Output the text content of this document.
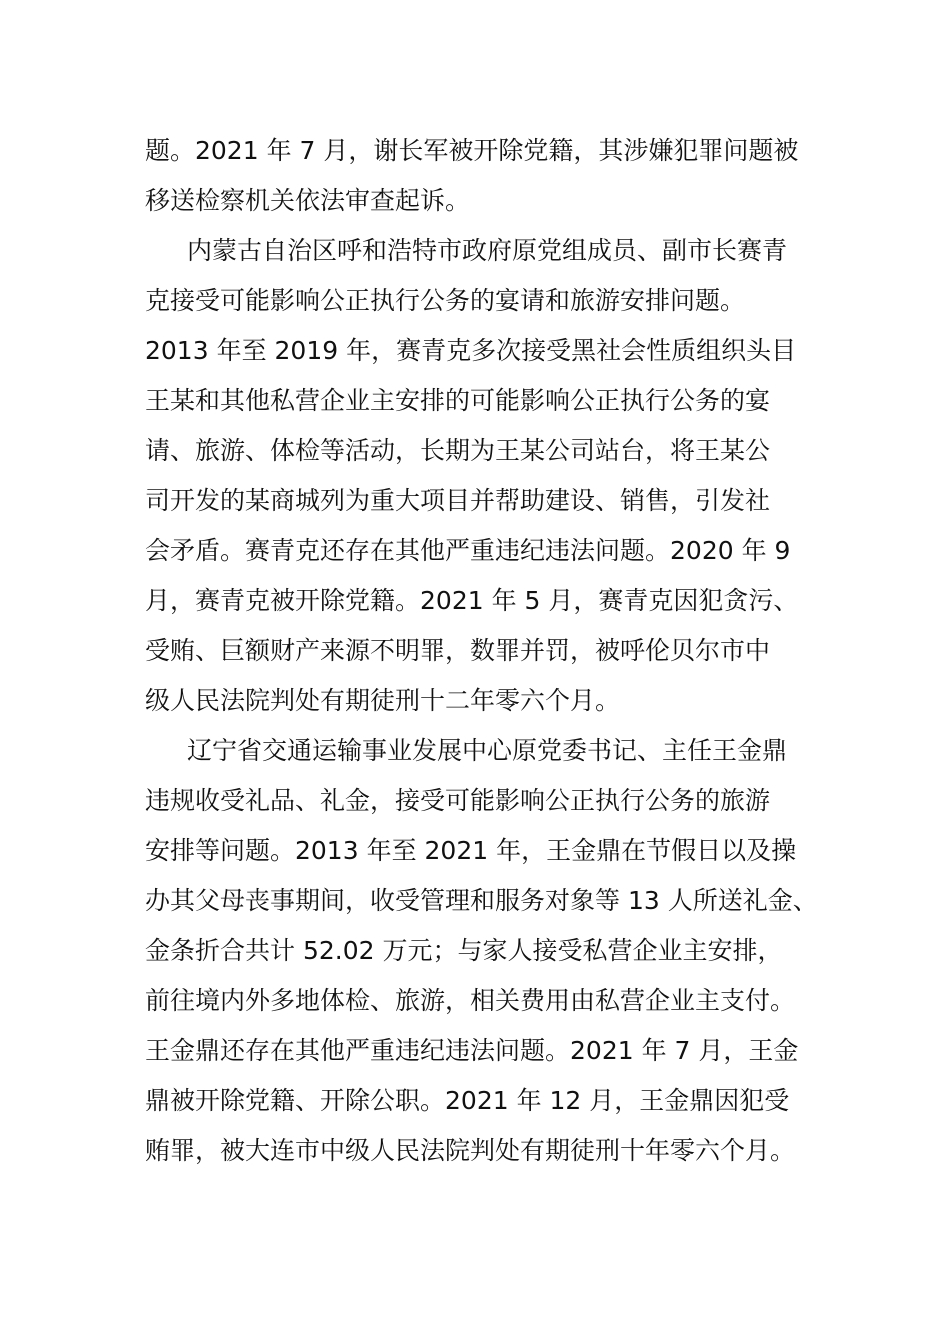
题。2021 年 7 月，谢长军被开除党籍，其涉嫌犯罪问题被
移送检察机关依法审查起诉。
内蒙古自治区呼和浩特市政府原党组成员、副市长赛青
克接受可能影响公正执行公务的宴请和旅游安排问题。
2013 年至 2019 年，赛青克多次接受黑社会性质组织头目
王某和其他私营企业主安排的可能影响公正执行公务的宴
请、旅游、体检等活动，长期为王某公司站台，将王某公
司开发的某商城列为重大项目并帮助建设、销售，引发社
会矛盾。赛青克还存在其他严重违纪违法问题。2020 年 9
月，赛青克被开除党籍。2021 年 5 月，赛青克因犯贪污、
受贿、巨额财产来源不明罪，数罪并罚，被呼伦贝尔市中
级人民法院判处有期徒刑十二年零六个月。
辽宁省交通运输事业发展中心原党委书记、主任王金鼎
违规收受礼品、礼金，接受可能影响公正执行公务的旅游
安排等问题。2013 年至 2021 年，王金鼎在节假日以及操
办其父母丧事期间，收受管理和服务对象等 13 人所送礼金、
金条折合共计 52.02 万元；与家人接受私营企业主安排，
前往境内外多地体检、旅游，相关费用由私营企业主支付。
王金鼎还存在其他严重违纪违法问题。2021 年 7 月，王金
鼎被开除党籍、开除公职。2021 年 12 月，王金鼎因犯受
贿罪，被大连市中级人民法院判处有期徒刑十年零六个月。
